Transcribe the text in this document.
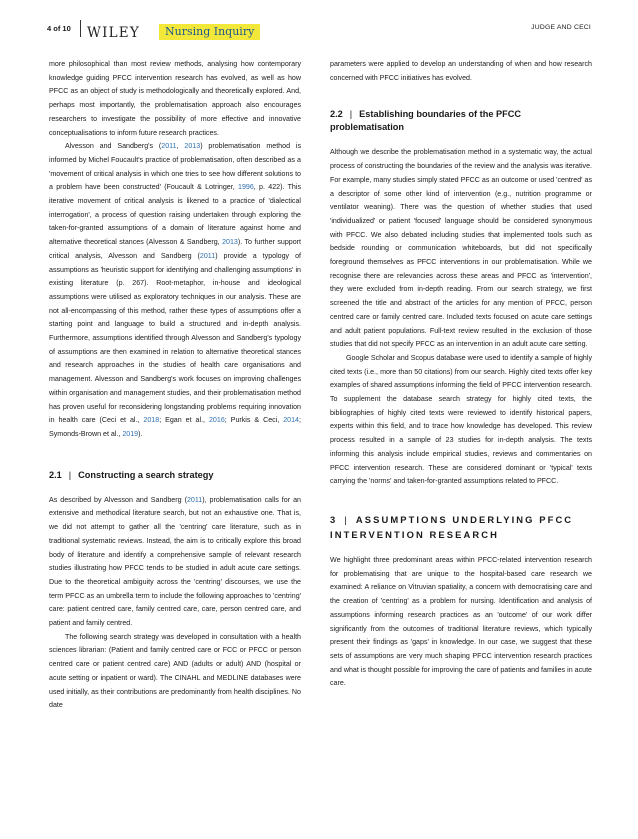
4 of 10 WILEY	Nursing Inquiry	JUDGE AND CECI

more philosophical than most review methods, analysing how contemporary knowledge guiding PFCC intervention research has evolved, as well as how PFCC as an object of study is methodologically and theoretically explored. And, perhaps most importantly, the problematisation approach also encourages researchers to investigate the possibility of more effective and innovative conceptualisations to inform future research practices.

Alvesson and Sandberg's (2011, 2013) problematisation method is informed by Michel Foucault's practice of problematisation, often described as a 'movement of critical analysis in which one tries to see how different solutions to a problem have been constructed' (Foucault & Lotringer, 1996, p. 422). This iterative movement of critical analysis is likened to a practice of 'dialectical interrogation', a process of question raising undertaken through exploring the taken-for-granted assumptions of a domain of literature against home and alternative theoretical stances (Alvesson & Sandberg, 2013). To further support critical analysis, Alvesson and Sandberg (2011) provide a typology of assumptions as 'heuristic support for identifying and challenging assumptions' in existing literature (p. 267). Root-metaphor, in-house and ideological assumptions were utilised as exploratory techniques in our analysis. These are not all-encompassing of this method, rather these types of assumptions offer a starting point and language to build a structured and in-depth analysis. Furthermore, assumptions identified through Alvesson and Sandberg's typology of assumptions are then examined in relation to alternative theoretical stances and research approaches in the studies of health care organisations and management. Alvesson and Sandberg's work focuses on improving challenges within organisation and management studies, and their problematisation method has proven useful for reconsidering longstanding problems requiring innovation in health care (Ceci et al., 2018; Egan et al., 2016; Purkis & Ceci, 2014; Symonds-Brown et al., 2019).

2.1 | Constructing a search strategy

As described by Alvesson and Sandberg (2011), problematisation calls for an extensive and methodical literature search, but not an exhaustive one. That is, we did not attempt to gather all the 'centring' care literature, such as in traditional systematic reviews. Instead, the aim is to critically explore this broad body of literature and identify a comprehensive sample of relevant research studies illustrating how PFCC tends to be studied in adult acute care settings. Due to the theoretical ambiguity across the 'centring' discourses, we use the term PFCC as an umbrella term to include the following approaches to 'centring' care: patient centred care, family centred care, care, person centred care, and patient and family centred.

The following search strategy was developed in consultation with a health sciences librarian: (Patient and family centred care or FCC or PFCC or person centred care or patient centred care) AND (adults or adult) AND (hospital or acute setting or inpatient or ward). The CINAHL and MEDLINE databases were used initially, as their contributions are predominantly from health disciplines. No date

parameters were applied to develop an understanding of when and how research concerned with PFCC initiatives has evolved.

2.2 | Establishing boundaries of the PFCC problematisation

Although we describe the problematisation method in a systematic way, the actual process of constructing the boundaries of the review and the analysis was iterative. For example, many studies simply stated PFCC as an outcome or used 'centred' as a descriptor of some other kind of intervention (e.g., nutrition programme or ventilator weaning). There was the question of whether studies that used 'individualized' or patient 'focused' language should be considered synonymous with PFCC. We also debated including studies that implemented tools such as bedside rounding or communication whiteboards, but did not specifically foreground themselves as PFCC interventions in our problematisation. While we recognise there are relevancies across these areas and PFCC as 'intervention', they were excluded from in-depth reading. From our search strategy, we first screened the title and abstract of the articles for any mention of PFCC, person centred care or family centred care. Included texts focused on acute care settings and adult patient populations. Full-text review resulted in the exclusion of those studies that did not specify PFCC as an intervention in an adult acute care setting.

Google Scholar and Scopus database were used to identify a sample of highly cited texts (i.e., more than 50 citations) from our search. Highly cited texts offer key examples of shared assumptions informing the field of PFCC intervention research. To supplement the database search strategy for highly cited texts, the bibliographies of highly cited texts were reviewed to identify historical papers, experts within this field, and to trace how knowledge has developed. This review process resulted in a sample of 23 studies for in-depth analysis. The texts informing this analysis include empirical studies, reviews and commentaries on PFCC intervention research. These are considered dominant or 'typical' texts carrying the 'norms' and taken-for-granted assumptions related to PFCC.

3 | ASSUMPTIONS UNDERLYING PFCC INTERVENTION RESEARCH

We highlight three predominant areas within PFCC-related intervention research for problematising that are unique to the hospital-based care research we examined: A reliance on Vitruvian spatiality, a concern with democratising care and the creation of 'centring' as a problem for nursing. Identification and analysis of assumptions informing research practices as an 'outcome' of our work differ significantly from the outcomes of traditional literature reviews, which typically present their findings as 'gaps' in knowledge. In our case, we suggest that these sets of assumptions are very much shaping PFCC intervention research practices and what is thought possible for improving the care of patients and families in acute care.
